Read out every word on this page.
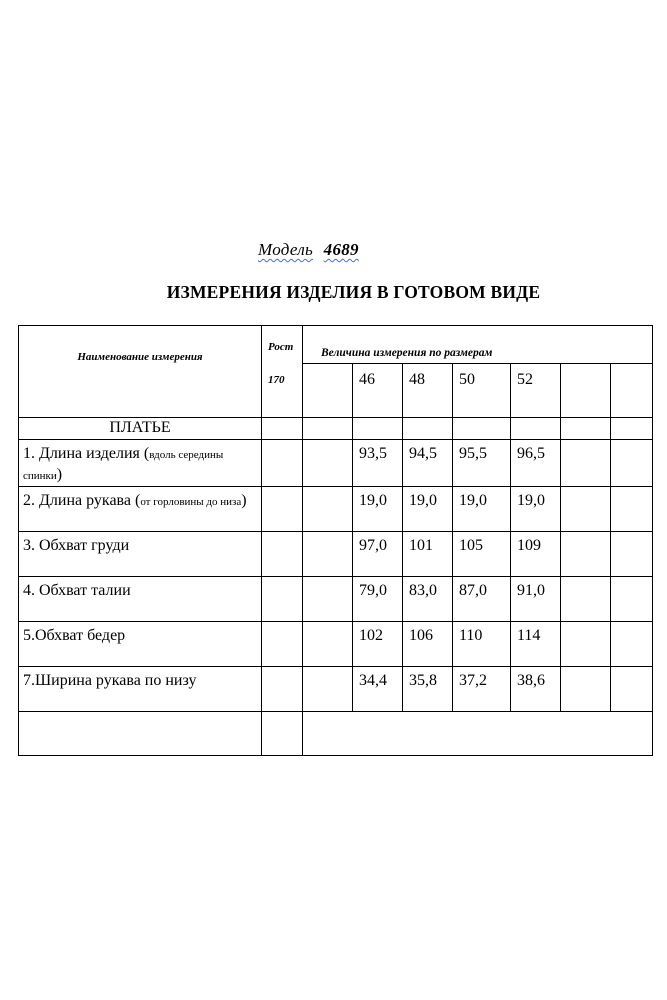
Модель 4689
ИЗМЕРЕНИЯ ИЗДЕЛИЯ В ГОТОВОМ ВИДЕ
Наименование измерения	Рост
170	Величина измерения по размерам						
			46	48	50	52		
ПЛАТЬЕ								
1. Длина изделия (вдоль середины спинки)			93,5	94,5	95,5	96,5		
2. Длина рукава (от горловины до низа)			19,0	19,0	19,0	19,0		
3. Обхват груди			97,0	101	105	109		
4. Обхват талии			79,0	83,0	87,0	91,0		
5.Обхват бедер			102	106	110	114		
7.Ширина рукава по низу			34,4	35,8	37,2	38,6		
